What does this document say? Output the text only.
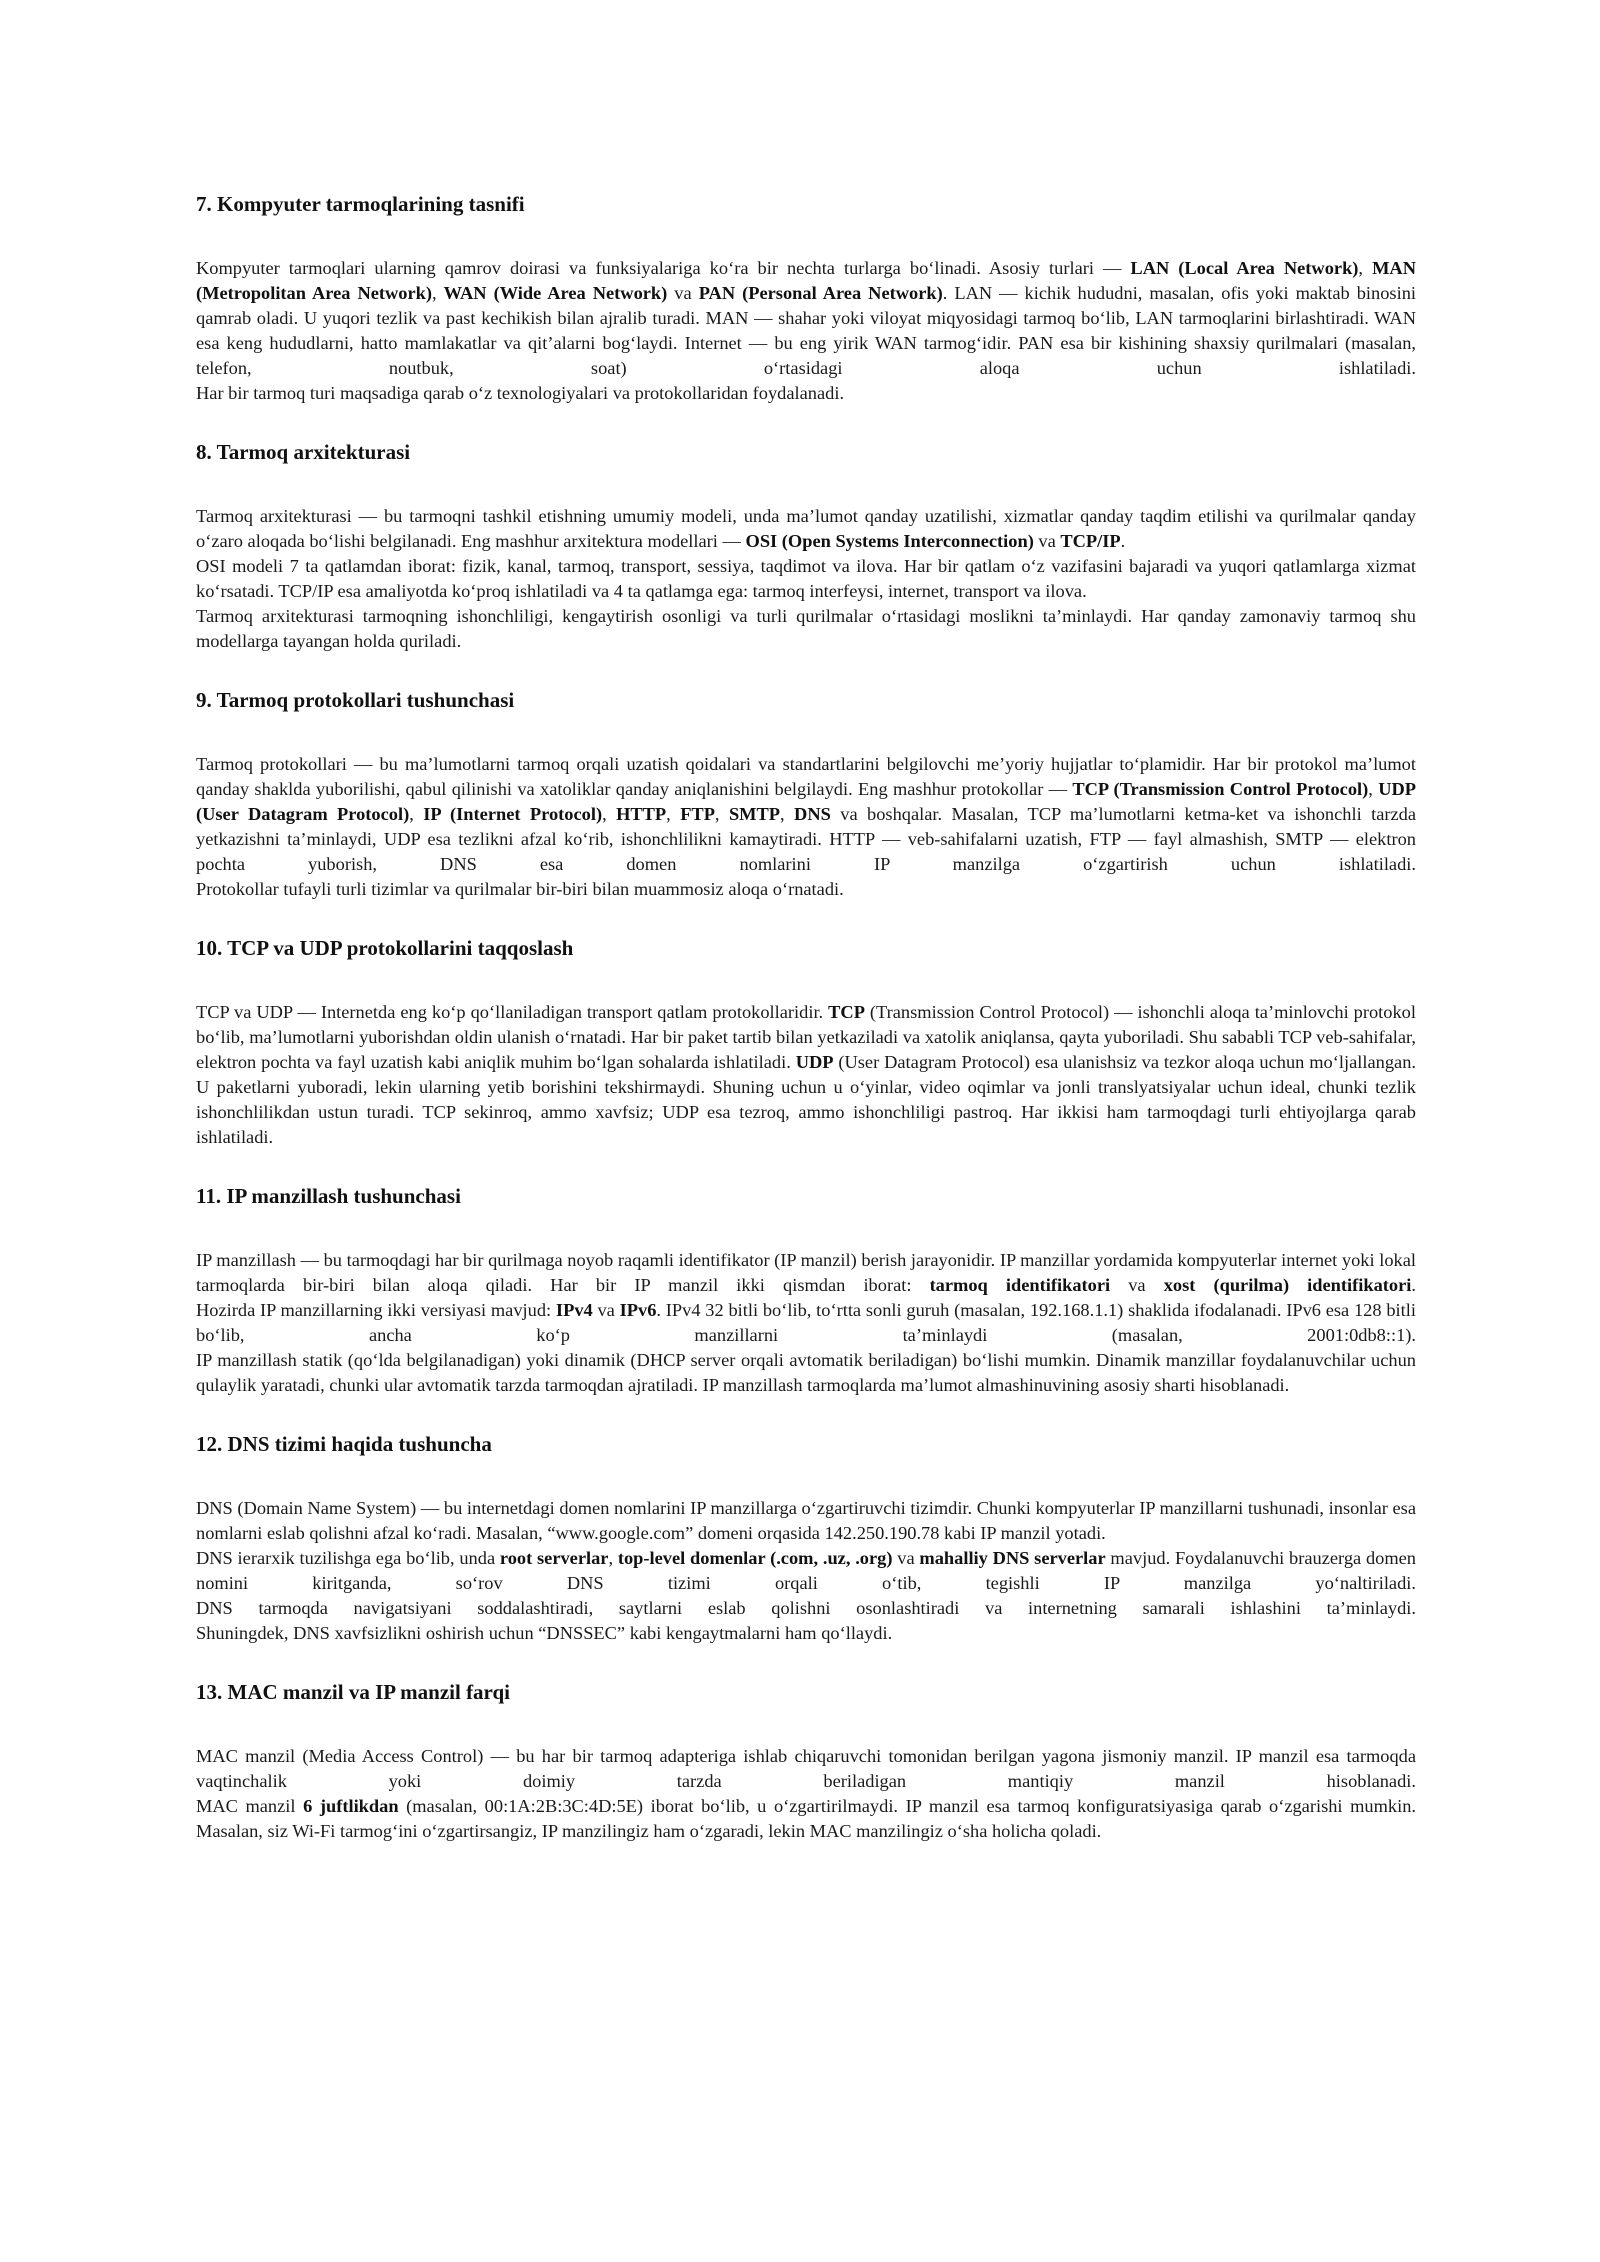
7. Kompyuter tarmoqlarining tasnifi

Kompyuter tarmoqlari ularning qamrov doirasi va funksiyalariga ko‘ra bir nechta turlarga bo‘linadi. Asosiy turlari — LAN (Local Area Network), MAN (Metropolitan Area Network), WAN (Wide Area Network) va PAN (Personal Area Network). LAN — kichik hududni, masalan, ofis yoki maktab binosini qamrab oladi. U yuqori tezlik va past kechikish bilan ajralib turadi. MAN — shahar yoki viloyat miqyosidagi tarmoq bo‘lib, LAN tarmoqlarini birlashtiradi. WAN esa keng hududlarni, hatto mamlakatlar va qit’alarni bog‘laydi. Internet — bu eng yirik WAN tarmog‘idir. PAN esa bir kishining shaxsiy qurilmalari (masalan, telefon, noutbuk, soat) o‘rtasidagi aloqa uchun ishlatiladi.

Har bir tarmoq turi maqsadiga qarab o‘z texnologiyalari va protokollaridan foydalanadi.

8. Tarmoq arxitekturasi

Tarmoq arxitekturasi — bu tarmoqni tashkil etishning umumiy modeli, unda ma’lumot qanday uzatilishi, xizmatlar qanday taqdim etilishi va qurilmalar qanday o‘zaro aloqada bo‘lishi belgilanadi. Eng mashhur arxitektura modellari — OSI (Open Systems Interconnection) va TCP/IP.

OSI modeli 7 ta qatlamdan iborat: fizik, kanal, tarmoq, transport, sessiya, taqdimot va ilova. Har bir qatlam o‘z vazifasini bajaradi va yuqori qatlamlarga xizmat ko‘rsatadi. TCP/IP esa amaliyotda ko‘proq ishlatiladi va 4 ta qatlamga ega: tarmoq interfeysi, internet, transport va ilova.

Tarmoq arxitekturasi tarmoqning ishonchliligi, kengaytirish osonligi va turli qurilmalar o‘rtasidagi moslikni ta’minlaydi. Har qanday zamonaviy tarmoq shu modellarga tayangan holda quriladi.

9. Tarmoq protokollari tushunchasi

Tarmoq protokollari — bu ma’lumotlarni tarmoq orqali uzatish qoidalari va standartlarini belgilovchi me’yoriy hujjatlar to‘plamidir. Har bir protokol ma’lumot qanday shaklda yuborilishi, qabul qilinishi va xatoliklar qanday aniqlanishini belgilaydi. Eng mashhur protokollar — TCP (Transmission Control Protocol), UDP (User Datagram Protocol), IP (Internet Protocol), HTTP, FTP, SMTP, DNS va boshqalar. Masalan, TCP ma’lumotlarni ketma-ket va ishonchli tarzda yetkazishni ta’minlaydi, UDP esa tezlikni afzal ko‘rib, ishonchlilikni kamaytiradi. HTTP — veb-sahifalarni uzatish, FTP — fayl almashish, SMTP — elektron pochta yuborish, DNS esa domen nomlarini IP manzilga o‘zgartirish uchun ishlatiladi.

Protokollar tufayli turli tizimlar va qurilmalar bir-biri bilan muammosiz aloqa o‘rnatadi.

10. TCP va UDP protokollarini taqqoslash

TCP va UDP — Internetda eng ko‘p qo‘llaniladigan transport qatlam protokollaridir. TCP (Transmission Control Protocol) — ishonchli aloqa ta’minlovchi protokol bo‘lib, ma’lumotlarni yuborishdan oldin ulanish o‘rnatadi. Har bir paket tartib bilan yetkaziladi va xatolik aniqlansa, qayta yuboriladi. Shu sababli TCP veb-sahifalar, elektron pochta va fayl uzatish kabi aniqlik muhim bo‘lgan sohalarda ishlatiladi. UDP (User Datagram Protocol) esa ulanishsiz va tezkor aloqa uchun mo‘ljallangan. U paketlarni yuboradi, lekin ularning yetib borishini tekshirmaydi. Shuning uchun u o‘yinlar, video oqimlar va jonli translyatsiyalar uchun ideal, chunki tezlik ishonchlilikdan ustun turadi. TCP sekinroq, ammo xavfsiz; UDP esa tezroq, ammo ishonchliligi pastroq. Har ikkisi ham tarmoqdagi turli ehtiyojlarga qarab ishlatiladi.

11. IP manzillash tushunchasi

IP manzillash — bu tarmoqdagi har bir qurilmaga noyob raqamli identifikator (IP manzil) berish jarayonidir. IP manzillar yordamida kompyuterlar internet yoki lokal tarmoqlarda bir-biri bilan aloqa qiladi. Har bir IP manzil ikki qismdan iborat: tarmoq identifikatori va xost (qurilma) identifikatori.

Hozirda IP manzillarning ikki versiyasi mavjud: IPv4 va IPv6. IPv4 32 bitli bo‘lib, to‘rtta sonli guruh (masalan, 192.168.1.1) shaklida ifodalanadi. IPv6 esa 128 bitli bo‘lib, ancha ko‘p manzillarni ta’minlaydi (masalan, 2001:0db8::1).

IP manzillash statik (qo‘lda belgilanadigan) yoki dinamik (DHCP server orqali avtomatik beriladigan) bo‘lishi mumkin. Dinamik manzillar foydalanuvchilar uchun qulaylik yaratadi, chunki ular avtomatik tarzda tarmoqdan ajratiladi. IP manzillash tarmoqlarda ma’lumot almashinuvining asosiy sharti hisoblanadi.

12. DNS tizimi haqida tushuncha

DNS (Domain Name System) — bu internetdagi domen nomlarini IP manzillarga o‘zgartiruvchi tizimdir. Chunki kompyuterlar IP manzillarni tushunadi, insonlar esa nomlarni eslab qolishni afzal ko‘radi. Masalan, “www.google.com” domeni orqasida 142.250.190.78 kabi IP manzil yotadi.

DNS ierarxik tuzilishga ega bo‘lib, unda root serverlar, top-level domenlar (.com, .uz, .org) va mahalliy DNS serverlar mavjud. Foydalanuvchi brauzerga domen nomini kiritganda, so‘rov DNS tizimi orqali o‘tib, tegishli IP manzilga yo‘naltiriladi.

DNS tarmoqda navigatsiyani soddalashtiradi, saytlarni eslab qolishni osonlashtiradi va internetning samarali ishlashini ta’minlaydi.

Shuningdek, DNS xavfsizlikni oshirish uchun “DNSSEC” kabi kengaytmalarni ham qo‘llaydi.

13. MAC manzil va IP manzil farqi

MAC manzil (Media Access Control) — bu har bir tarmoq adapteriga ishlab chiqaruvchi tomonidan berilgan yagona jismoniy manzil. IP manzil esa tarmoqda vaqtinchalik yoki doimiy tarzda beriladigan mantiqiy manzil hisoblanadi.

MAC manzil 6 juftlikdan (masalan, 00:1A:2B:3C:4D:5E) iborat bo‘lib, u o‘zgartirilmaydi. IP manzil esa tarmoq konfiguratsiyasiga qarab o‘zgarishi mumkin. Masalan, siz Wi-Fi tarmog‘ini o‘zgartirsangiz, IP manzilingiz ham o‘zgaradi, lekin MAC manzilingiz o‘sha holicha qoladi.
